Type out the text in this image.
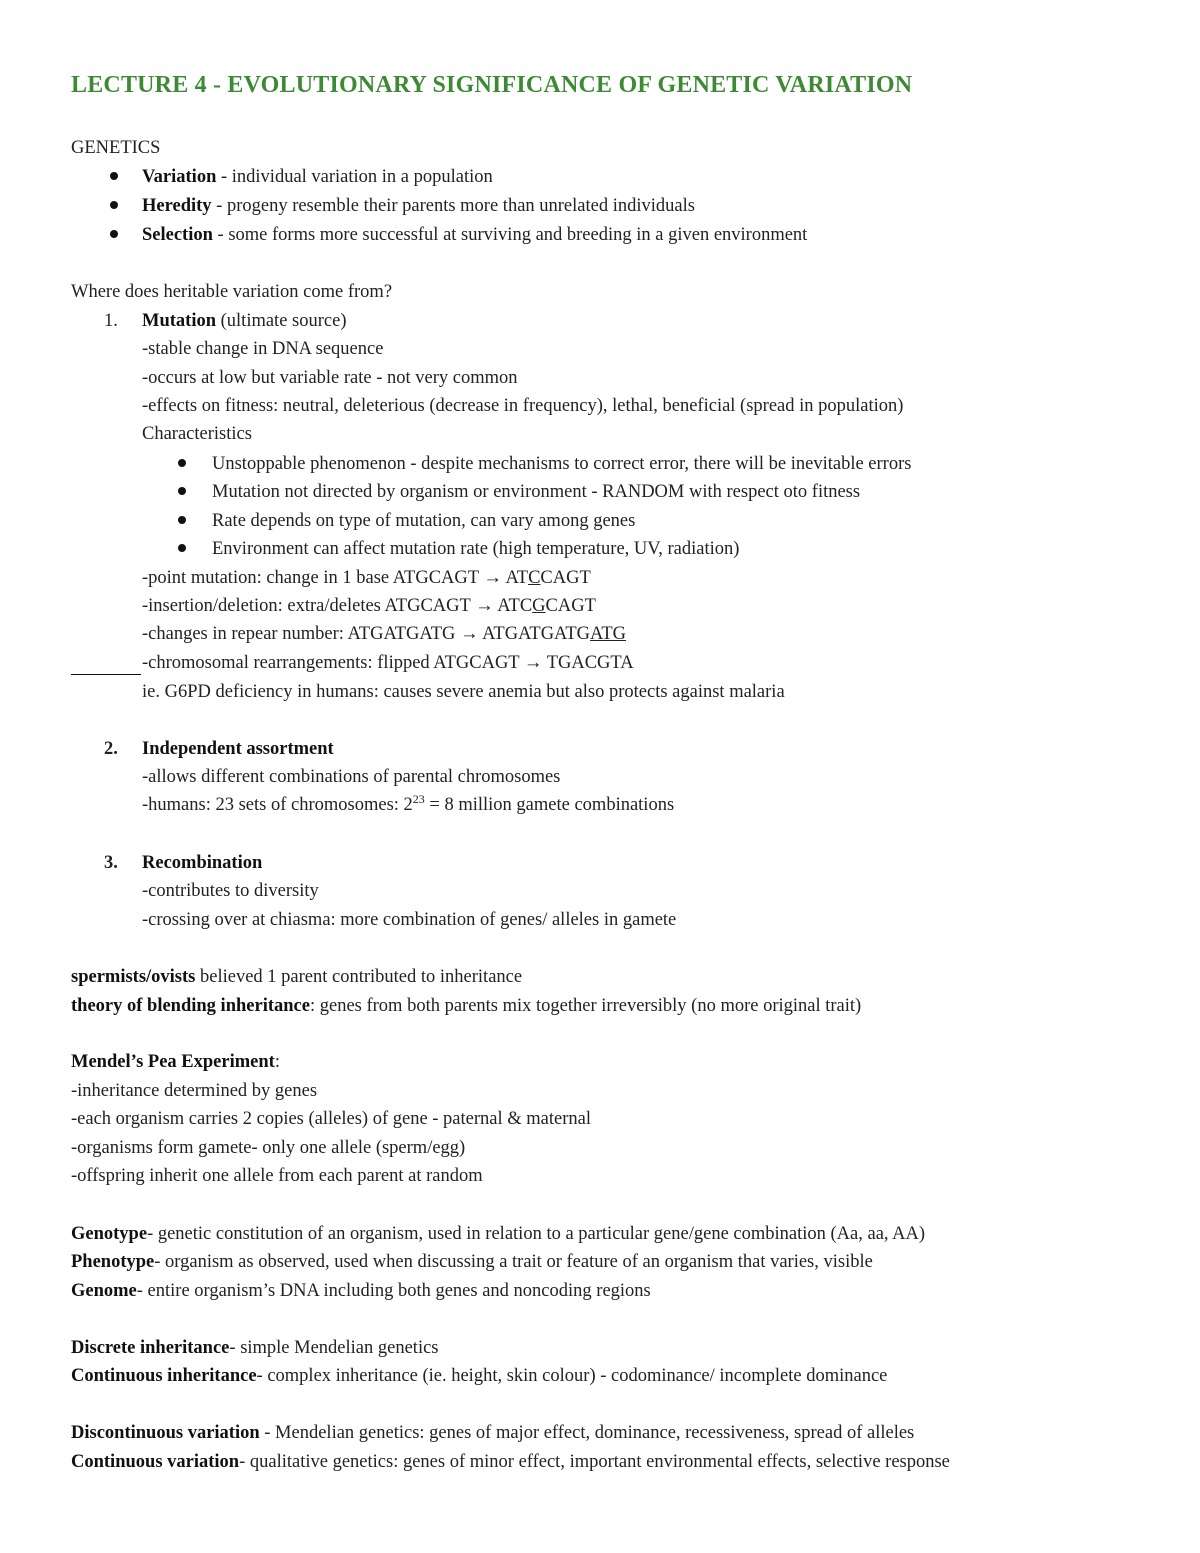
LECTURE 4 - EVOLUTIONARY SIGNIFICANCE OF GENETIC VARIATION
GENETICS
Variation - individual variation in a population
Heredity - progeny resemble their parents more than unrelated individuals
Selection - some forms more successful at surviving and breeding in a given environment
Where does heritable variation come from?
1. Mutation (ultimate source)
-stable change in DNA sequence
-occurs at low but variable rate - not very common
-effects on fitness: neutral, deleterious (decrease in frequency), lethal, beneficial (spread in population)
Characteristics
Unstoppable phenomenon - despite mechanisms to correct error, there will be inevitable errors
Mutation not directed by organism or environment - RANDOM with respect oto fitness
Rate depends on type of mutation, can vary among genes
Environment can affect mutation rate (high temperature, UV, radiation)
-point mutation: change in 1 base ATGCAGT → ATCCAGT
-insertion/deletion: extra/deletes ATGCAGT → ATCGCAGT
-changes in repear number: ATGATGATG → ATGATGATGATG
-chromosomal rearrangements: flipped ATGCAGT → TGACGTA
ie. G6PD deficiency in humans: causes severe anemia but also protects against malaria
2. Independent assortment
-allows different combinations of parental chromosomes
-humans: 23 sets of chromosomes: $2^{23} = 8$ million gamete combinations
3. Recombination
-contributes to diversity
-crossing over at chiasma: more combination of genes/ alleles in gamete
spermists/ovists believed 1 parent contributed to inheritance
theory of blending inheritance: genes from both parents mix together irreversibly (no more original trait)
Mendel’s Pea Experiment:
-inheritance determined by genes
-each organism carries 2 copies (alleles) of gene - paternal & maternal
-organisms form gamete- only one allele (sperm/egg)
-offspring inherit one allele from each parent at random
Genotype- genetic constitution of an organism, used in relation to a particular gene/gene combination (Aa, aa, AA)
Phenotype- organism as observed, used when discussing a trait or feature of an organism that varies, visible
Genome- entire organism’s DNA including both genes and noncoding regions
Discrete inheritance- simple Mendelian genetics
Continuous inheritance- complex inheritance (ie. height, skin colour) - codominance/ incomplete dominance
Discontinuous variation - Mendelian genetics: genes of major effect, dominance, recessiveness, spread of alleles
Continuous variation- qualitative genetics: genes of minor effect, important environmental effects, selective response
